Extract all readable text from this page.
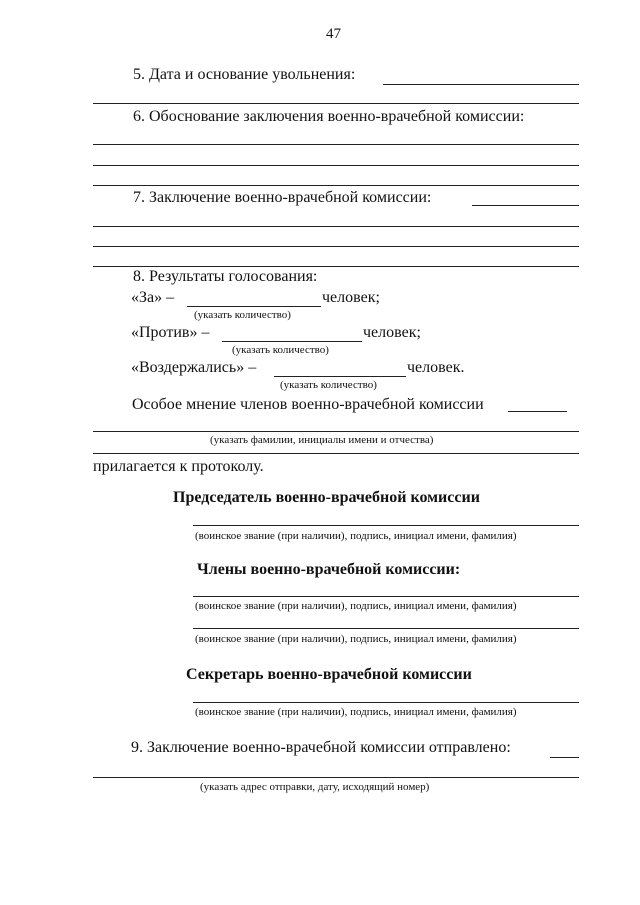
47
5. Дата и основание увольнения:
6. Обоснование заключения военно-врачебной комиссии:
7. Заключение военно-врачебной комиссии:
8. Результаты голосования:
«За» –	человек;
(указать количество)
«Против» –	человек;
(указать количество)
«Воздержались» –	человек.
(указать количество)
Особое мнение членов военно-врачебной комиссии
(указать фамилии, инициалы имени и отчества)
прилагается к протоколу.
Председатель военно-врачебной комиссии
(воинское звание (при наличии), подпись, инициал имени, фамилия)
Члены военно-врачебной комиссии:
(воинское звание (при наличии), подпись, инициал имени, фамилия)
(воинское звание (при наличии), подпись, инициал имени, фамилия)
Секретарь военно-врачебной комиссии
(воинское звание (при наличии), подпись, инициал имени, фамилия)
9. Заключение военно-врачебной комиссии отправлено:
(указать адрес отправки, дату, исходящий номер)
